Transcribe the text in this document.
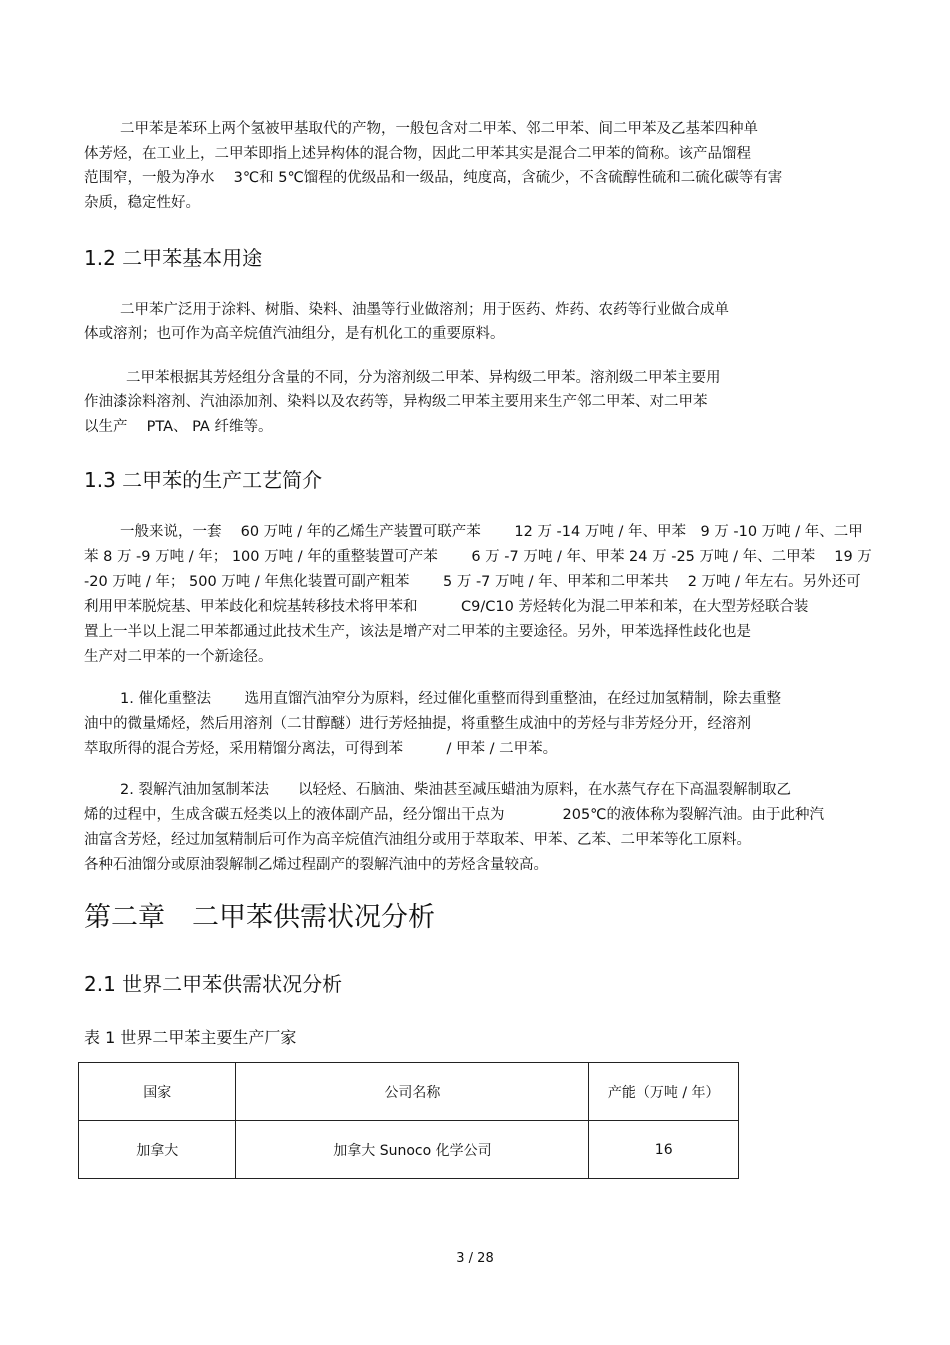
二甲苯是苯环上两个氢被甲基取代的产物，一般包含对二甲苯、邻二甲苯、间二甲苯及乙基苯四种单

体芳烃，在工业上，二甲苯即指上述异构体的混合物，因此二甲苯其实是混合二甲苯的简称。该产品馏程

范围窄，一般为净水　 3℃和 5℃馏程的优级品和一级品，纯度高，含硫少，不含硫醇性硫和二硫化碳等有害

杂质，稳定性好。

1.2 二甲苯基本用途

二甲苯广泛用于涂料、树脂、染料、油墨等行业做溶剂；用于医药、炸药、农药等行业做合成单

体或溶剂；也可作为高辛烷值汽油组分，是有机化工的重要原料。

二甲苯根据其芳烃组分含量的不同，分为溶剂级二甲苯、异构级二甲苯。溶剂级二甲苯主要用

作油漆涂料溶剂、汽油添加剂、染料以及农药等，异构级二甲苯主要用来生产邻二甲苯、对二甲苯

以生产　 PTA、 PA 纤维等。

1.3 二甲苯的生产工艺简介

一般来说，一套　 60 万吨 / 年的乙烯生产装置可联产苯　　 12 万 -14 万吨 / 年、甲苯　9 万 -10 万吨 / 年、二甲

苯 8 万 -9 万吨 / 年； 100 万吨 / 年的重整装置可产苯　　 6 万 -7 万吨 / 年、甲苯 24 万 -25 万吨 / 年、二甲苯　 19 万

-20 万吨 / 年； 500 万吨 / 年焦化装置可副产粗苯　　 5 万 -7 万吨 / 年、甲苯和二甲苯共　 2 万吨 / 年左右。另外还可

利用甲苯脱烷基、甲苯歧化和烷基转移技术将甲苯和　　　C9/C10 芳烃转化为混二甲苯和苯，在大型芳烃联合装

置上一半以上混二甲苯都通过此技术生产，该法是增产对二甲苯的主要途径。另外，甲苯选择性歧化也是

生产对二甲苯的一个新途径。

1. 催化重整法　　 选用直馏汽油窄分为原料，经过催化重整而得到重整油，在经过加氢精制，除去重整

油中的微量烯烃，然后用溶剂（二甘醇醚）进行芳烃抽提，将重整生成油中的芳烃与非芳烃分开，经溶剂

萃取所得的混合芳烃，采用精馏分离法，可得到苯　　　/ 甲苯 / 二甲苯。

2. 裂解汽油加氢制苯法　　以轻烃、石脑油、柴油甚至减压蜡油为原料，在水蒸气存在下高温裂解制取乙

烯的过程中，生成含碳五烃类以上的液体副产品，经分馏出干点为　　　　205℃的液体称为裂解汽油。由于此种汽

油富含芳烃，经过加氢精制后可作为高辛烷值汽油组分或用于萃取苯、甲苯、乙苯、二甲苯等化工原料。

各种石油馏分或原油裂解制乙烯过程副产的裂解汽油中的芳烃含量较高。

第二章　二甲苯供需状况分析
2.1 世界二甲苯供需状况分析

表 1 世界二甲苯主要生产厂家

国家	公司名称	产能（万吨 / 年）
加拿大	加拿大 Sunoco 化学公司	16
3 / 28
